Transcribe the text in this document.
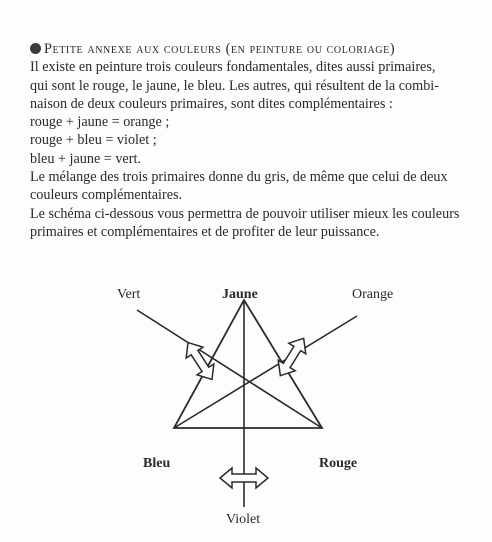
Petite annexe aux couleurs (en peinture ou coloriage)
Il existe en peinture trois couleurs fondamentales, dites aussi primaires,
qui sont le rouge, le jaune, le bleu. Les autres, qui résultent de la combi-
naison de deux couleurs primaires, sont dites complémentaires :
rouge + jaune = orange ;
rouge + bleu = violet ;
bleu + jaune = vert.
Le mélange des trois primaires donne du gris, de même que celui de deux
couleurs complémentaires.
Le schéma ci-dessous vous permettra de pouvoir utiliser mieux les couleurs
primaires et complémentaires et de profiter de leur puissance.
Vert	Jaune	Orange
Bleu	Rouge
Violet
